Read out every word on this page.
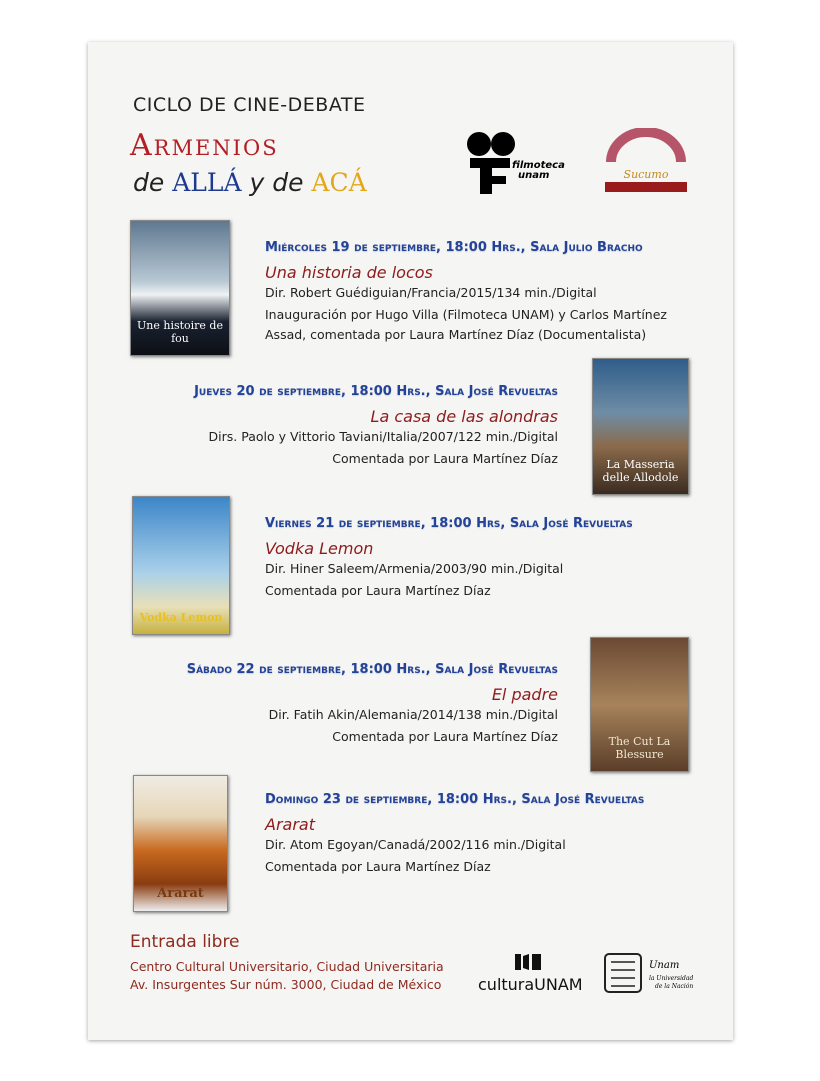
CICLO DE CINE-DEBATE
Armenios
de ALLÁ y de ACÁ
filmoteca
unam	Sucumo
Une histoire de fou
Miércoles 19 de septiembre, 18:00 Hrs., Sala Julio Bracho
Una historia de locos
Dir. Robert Guédiguian/Francia/2015/134 min./Digital
Inauguración por Hugo Villa (Filmoteca UNAM) y Carlos Martínez
Assad, comentada por Laura Martínez Díaz (Documentalista)
La Masseria delle Allodole
Jueves 20 de septiembre, 18:00 Hrs., Sala José Revueltas
La casa de las alondras
Dirs. Paolo y Vittorio Taviani/Italia/2007/122 min./Digital
Comentada por Laura Martínez Díaz
Vodka Lemon
Viernes 21 de septiembre, 18:00 Hrs, Sala José Revueltas
Vodka Lemon
Dir. Hiner Saleem/Armenia/2003/90 min./Digital
Comentada por Laura Martínez Díaz
The Cut La Blessure
Sábado 22 de septiembre, 18:00 Hrs., Sala José Revueltas
El padre
Dir. Fatih Akin/Alemania/2014/138 min./Digital
Comentada por Laura Martínez Díaz
Ararat
Domingo 23 de septiembre, 18:00 Hrs., Sala José Revueltas
Ararat
Dir. Atom Egoyan/Canadá/2002/116 min./Digital
Comentada por Laura Martínez Díaz
Entrada libre
Centro Cultural Universitario, Ciudad Universitaria
Av. Insurgentes Sur núm. 3000, Ciudad de México culturaUNAM
Unam
la Universidad
de la Nación
